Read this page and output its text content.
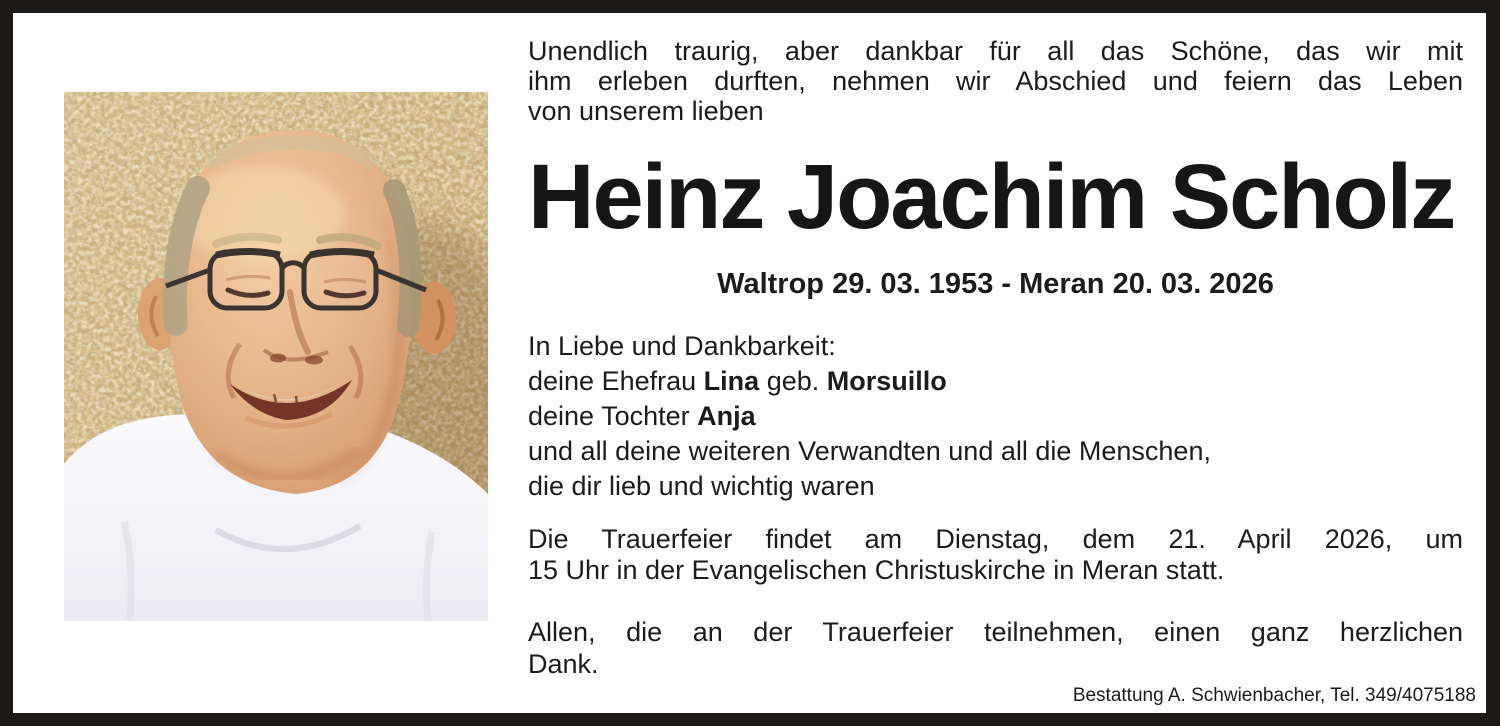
Unendlich traurig, aber dankbar für all das Schöne, das wir mit
ihm erleben durften, nehmen wir Abschied und feiern das Leben
von unserem lieben
Heinz Joachim Scholz
Waltrop 29. 03. 1953 - Meran 20. 03. 2026
In Liebe und Dankbarkeit:
deine Ehefrau Lina geb. Morsuillo
deine Tochter Anja
und all deine weiteren Verwandten und all die Menschen,
die dir lieb und wichtig waren
Die Trauerfeier findet am Dienstag, dem 21. April 2026, um
15 Uhr in der Evangelischen Christuskirche in Meran statt.
Allen, die an der Trauerfeier teilnehmen, einen ganz herzlichen
Dank.
Bestattung A. Schwienbacher, Tel. 349/4075188
